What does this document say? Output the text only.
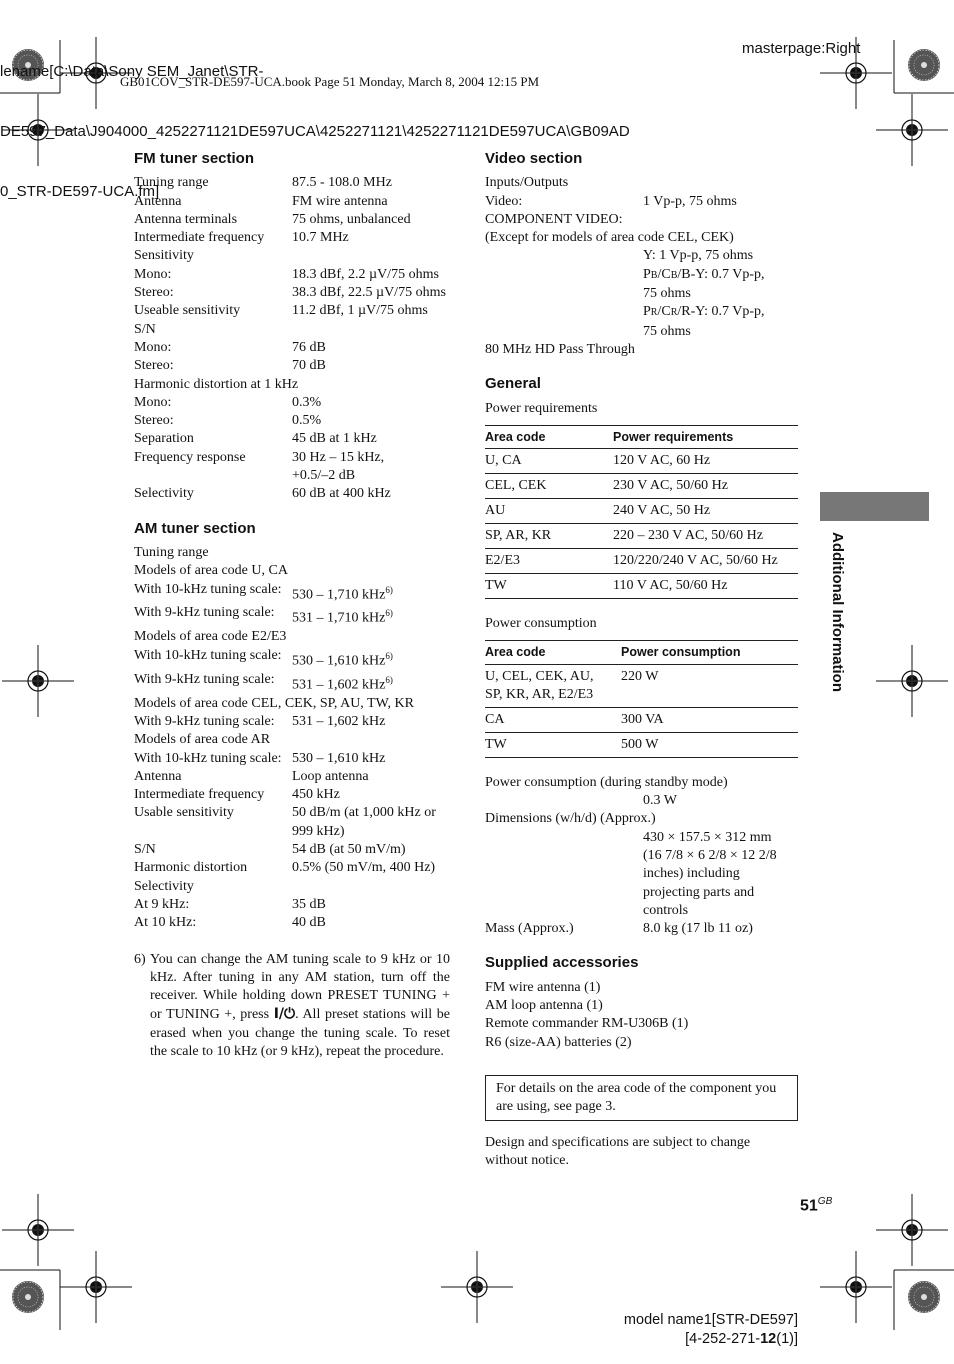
lename[C:\Data\Sony SEM_Janet\STR-

DE597_Data\J904000_4252271121DE597UCA\4252271121\4252271121DE597UCA\GB09AD

0_STR-DE597-UCA.fm]

masterpage:Right
GB01COV_STR-DE597-UCA.book Page 51 Monday, March 8, 2004 12:15 PM
FM tuner section
Tuning range	87.5 - 108.0 MHz
Antenna	FM wire antenna
Antenna terminals	75 ohms, unbalanced
Intermediate frequency	10.7 MHz
Sensitivity
Mono:	18.3 dBf, 2.2 µV/75 ohms
Stereo:	38.3 dBf, 22.5 µV/75 ohms
Useable sensitivity	11.2 dBf, 1 µV/75 ohms
S/N
Mono:	76 dB
Stereo:	70 dB
Harmonic distortion at 1 kHz
Mono:	0.3%
Stereo:	0.5%
Separation	45 dB at 1 kHz
Frequency response	30 Hz – 15 kHz,
+0.5/–2 dB
Selectivity	60 dB at 400 kHz
AM tuner section
Tuning range
Models of area code U, CA
With 10-kHz tuning scale: 530 – 1,710 kHz$^{6)}$
With 9-kHz tuning scale:	531 – 1,710 kHz$^{6)}$
Models of area code E2/E3
With 10-kHz tuning scale: 530 – 1,610 kHz$^{6)}$
With 9-kHz tuning scale:	531 – 1,602 kHz$^{6)}$
Models of area code CEL, CEK, SP, AU, TW, KR
With 9-kHz tuning scale:	531 – 1,602 kHz
Models of area code AR
With 10-kHz tuning scale: 530 – 1,610 kHz
Antenna	Loop antenna
Intermediate frequency	450 kHz
Usable sensitivity	50 dB/m (at 1,000 kHz or
999 kHz)
S/N	54 dB (at 50 mV/m)
Harmonic distortion	0.5% (50 mV/m, 400 Hz)
Selectivity
At 9 kHz:	35 dB
At 10 kHz:	40 dB
6) You can change the AM tuning scale to 9 kHz or 10 kHz. After tuning in any AM station, turn off the receiver. While holding down PRESET TUNING + or TUNING +, press I/⏻. All preset stations will be erased when you change the tuning scale. To reset the scale to 10 kHz (or 9 kHz), repeat the procedure.
Video section
Inputs/Outputs
Video:	1 Vp-p, 75 ohms
COMPONENT VIDEO:
(Except for models of area code CEL, CEK)
Y: 1 Vp-p, 75 ohms
PB/CB/B-Y: 0.7 Vp-p,
75 ohms
PR/CR/R-Y: 0.7 Vp-p,
75 ohms
80 MHz HD Pass Through
General
Power requirements
Area code	Power requirements
U, CA	120 V AC, 60 Hz
CEL, CEK	230 V AC, 50/60 Hz
AU	240 V AC, 50 Hz
SP, AR, KR	220 – 230 V AC, 50/60 Hz
E2/E3	120/220/240 V AC, 50/60 Hz
TW	110 V AC, 50/60 Hz
Power consumption
Area code	Power consumption
U, CEL, CEK, AU, SP, KR, AR, E2/E3	220 W
CA	300 VA
TW	500 W
Power consumption (during standby mode)
0.3 W
Dimensions (w/h/d) (Approx.)
430 × 157.5 × 312 mm (16 7/8 × 6 2/8 × 12 2/8 inches) including projecting parts and controls
Mass (Approx.)	8.0 kg (17 lb 11 oz)
Supplied accessories
FM wire antenna (1)
AM loop antenna (1)
Remote commander RM-U306B (1)
R6 (size-AA) batteries (2)
For details on the area code of the component you are using, see page 3.
Design and specifications are subject to change without notice.
Additional Information
$51^{GB}$
model name1[STR-DE597]
[4-252-271-12(1)]
